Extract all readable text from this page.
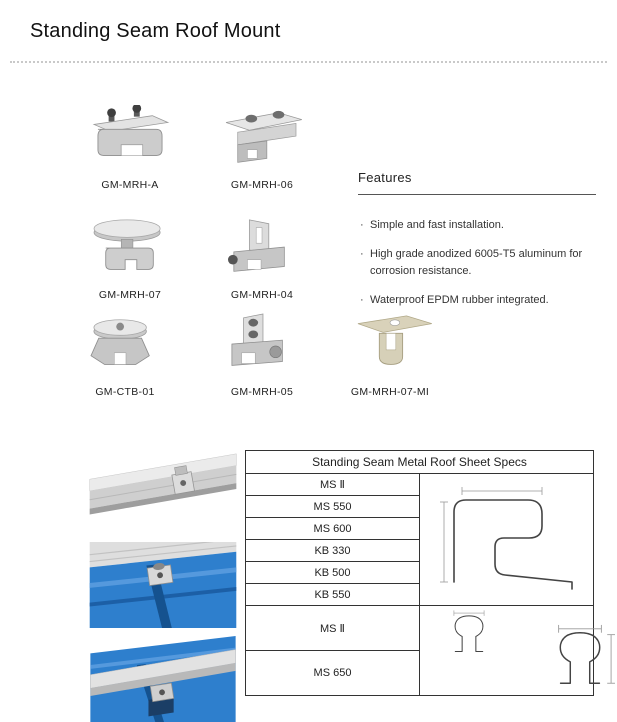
Standing Seam Roof Mount
GM-MRH-A	GM-MRH-06
GM-MRH-07	GM-MRH-04
GM-CTB-01	GM-MRH-05	GM-MRH-07-MI
Features
· Simple and fast installation.
· High grade anodized 6005-T5 aluminum for corrosion resistance.
· Waterproof EPDM rubber integrated.

Standing Seam Metal Roof Sheet Specs	
MS Ⅱ	
MS 550	
MS 600	
KB 330	
KB 500	
KB 550	
MS Ⅱ	

MS 650	
